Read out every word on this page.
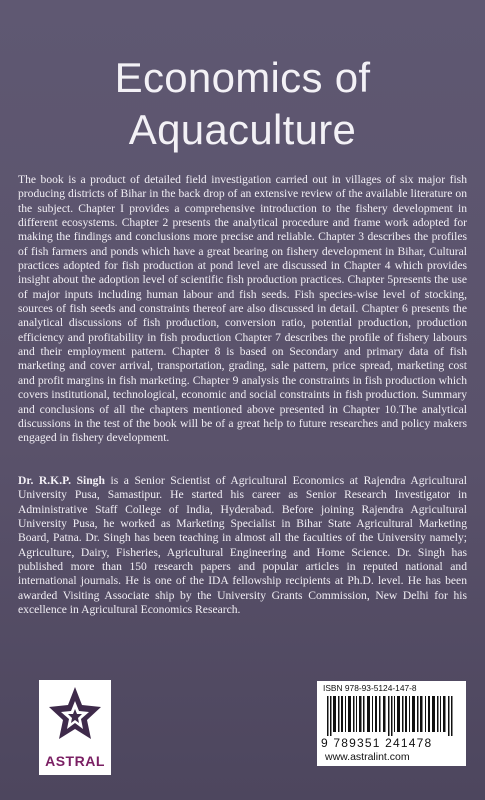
Economics of
Aquaculture

The book is a product of detailed field investigation carried out in villages of six major fish producing districts of Bihar in the back drop of an extensive review of the available literature on the subject. Chapter I provides a comprehensive introduction to the fishery development in different ecosystems. Chapter 2 presents the analytical procedure and frame work adopted for making the findings and conclusions more precise and reliable. Chapter 3 describes the profiles of fish farmers and ponds which have a great bearing on fishery development in Bihar, Cultural practices adopted for fish production at pond level are discussed in Chapter 4 which provides insight about the adoption level of scientific fish production practices. Chapter 5presents the use of major inputs including human labour and fish seeds. Fish species-wise level of stocking, sources of fish seeds and constraints thereof are also discussed in detail. Chapter 6 presents the analytical discussions of fish production, conversion ratio, potential production, production efficiency and profitability in fish production Chapter 7 describes the profile of fishery labours and their employment pattern. Chapter 8 is based on Secondary and primary data of fish marketing and cover arrival, transportation, grading, sale pattern, price spread, marketing cost and profit margins in fish marketing. Chapter 9 analysis the constraints in fish production which covers institutional, technological, economic and social constraints in fish production. Summary and conclusions of all the chapters mentioned above presented in Chapter 10.The analytical discussions in the test of the book will be of a great help to future researches and policy makers engaged in fishery development.

Dr. R.K.P. Singh is a Senior Scientist of Agricultural Economics at Rajendra Agricultural University Pusa, Samastipur. He started his career as Senior Research Investigator in Administrative Staff College of India, Hyderabad. Before joining Rajendra Agricultural University Pusa, he worked as Marketing Specialist in Bihar State Agricultural Marketing Board, Patna. Dr. Singh has been teaching in almost all the faculties of the University namely; Agriculture, Dairy, Fisheries, Agricultural Engineering and Home Science. Dr. Singh has published more than 150 research papers and popular articles in reputed national and international journals. He is one of the IDA fellowship recipients at Ph.D. level. He has been awarded Visiting Associate ship by the University Grants Commission, New Delhi for his excellence in Agricultural Economics Research.

ASTRAL
ISBN 978-93-5124-147-8
9 789351 241478
www.astralint.com
